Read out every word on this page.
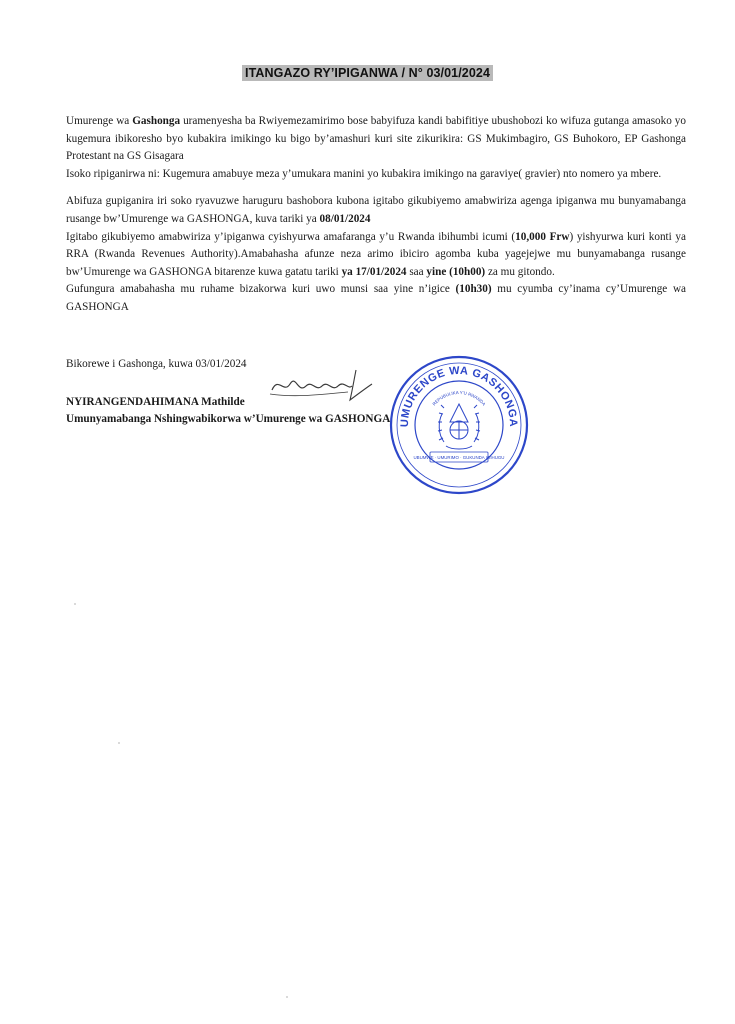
ITANGAZO RY’IPIGANWA / N° 03/01/2024

Umurenge wa Gashonga uramenyesha ba Rwiyemezamirimo bose babyifuza kandi babifitiye ubushobozi ko wifuza gutanga amasoko yo kugemura ibikoresho byo kubakira imikingo ku bigo by’amashuri kuri site zikurikira: GS Mukimbagiro, GS Buhokoro, EP Gashonga Protestant na GS Gisagara

Isoko ripiganirwa ni: Kugemura amabuye meza y’umukara manini yo kubakira imikingo na garaviye( gravier) nto nomero ya mbere.

Abifuza gupiganira iri soko ryavuzwe haruguru bashobora kubona igitabo gikubiyemo amabwiriza agenga ipiganwa mu bunyamabanga rusange bw’Umurenge wa GASHONGA, kuva tariki ya 08/01/2024

Igitabo gikubiyemo amabwiriza y’ipiganwa cyishyurwa amafaranga y’u Rwanda ibihumbi icumi (10,000 Frw) yishyurwa kuri konti ya RRA (Rwanda Revenues Authority).Amabahasha afunze neza arimo ibiciro agomba kuba yagejejwe mu bunyamabanga rusange bw’Umurenge wa GASHONGA bitarenze kuwa gatatu tariki ya 17/01/2024 saa yine (10h00) za mu gitondo.

Gufungura amabahasha mu ruhame bizakorwa kuri uwo munsi saa yine n’igice (10h30) mu cyumba cy’inama cy’Umurenge wa GASHONGA

Bikorewe i Gashonga, kuwa 03/01/2024
NYIRANGENDAHIMANA Mathilde
Umunyamabanga Nshingwabikorwa w’Umurenge wa GASHONGA UMURENGE WA GASHONGA
REPUBULIKA Y'U RWANDA
UBUMWE · UMURIMO · GUKUNDA IGIHUGU
